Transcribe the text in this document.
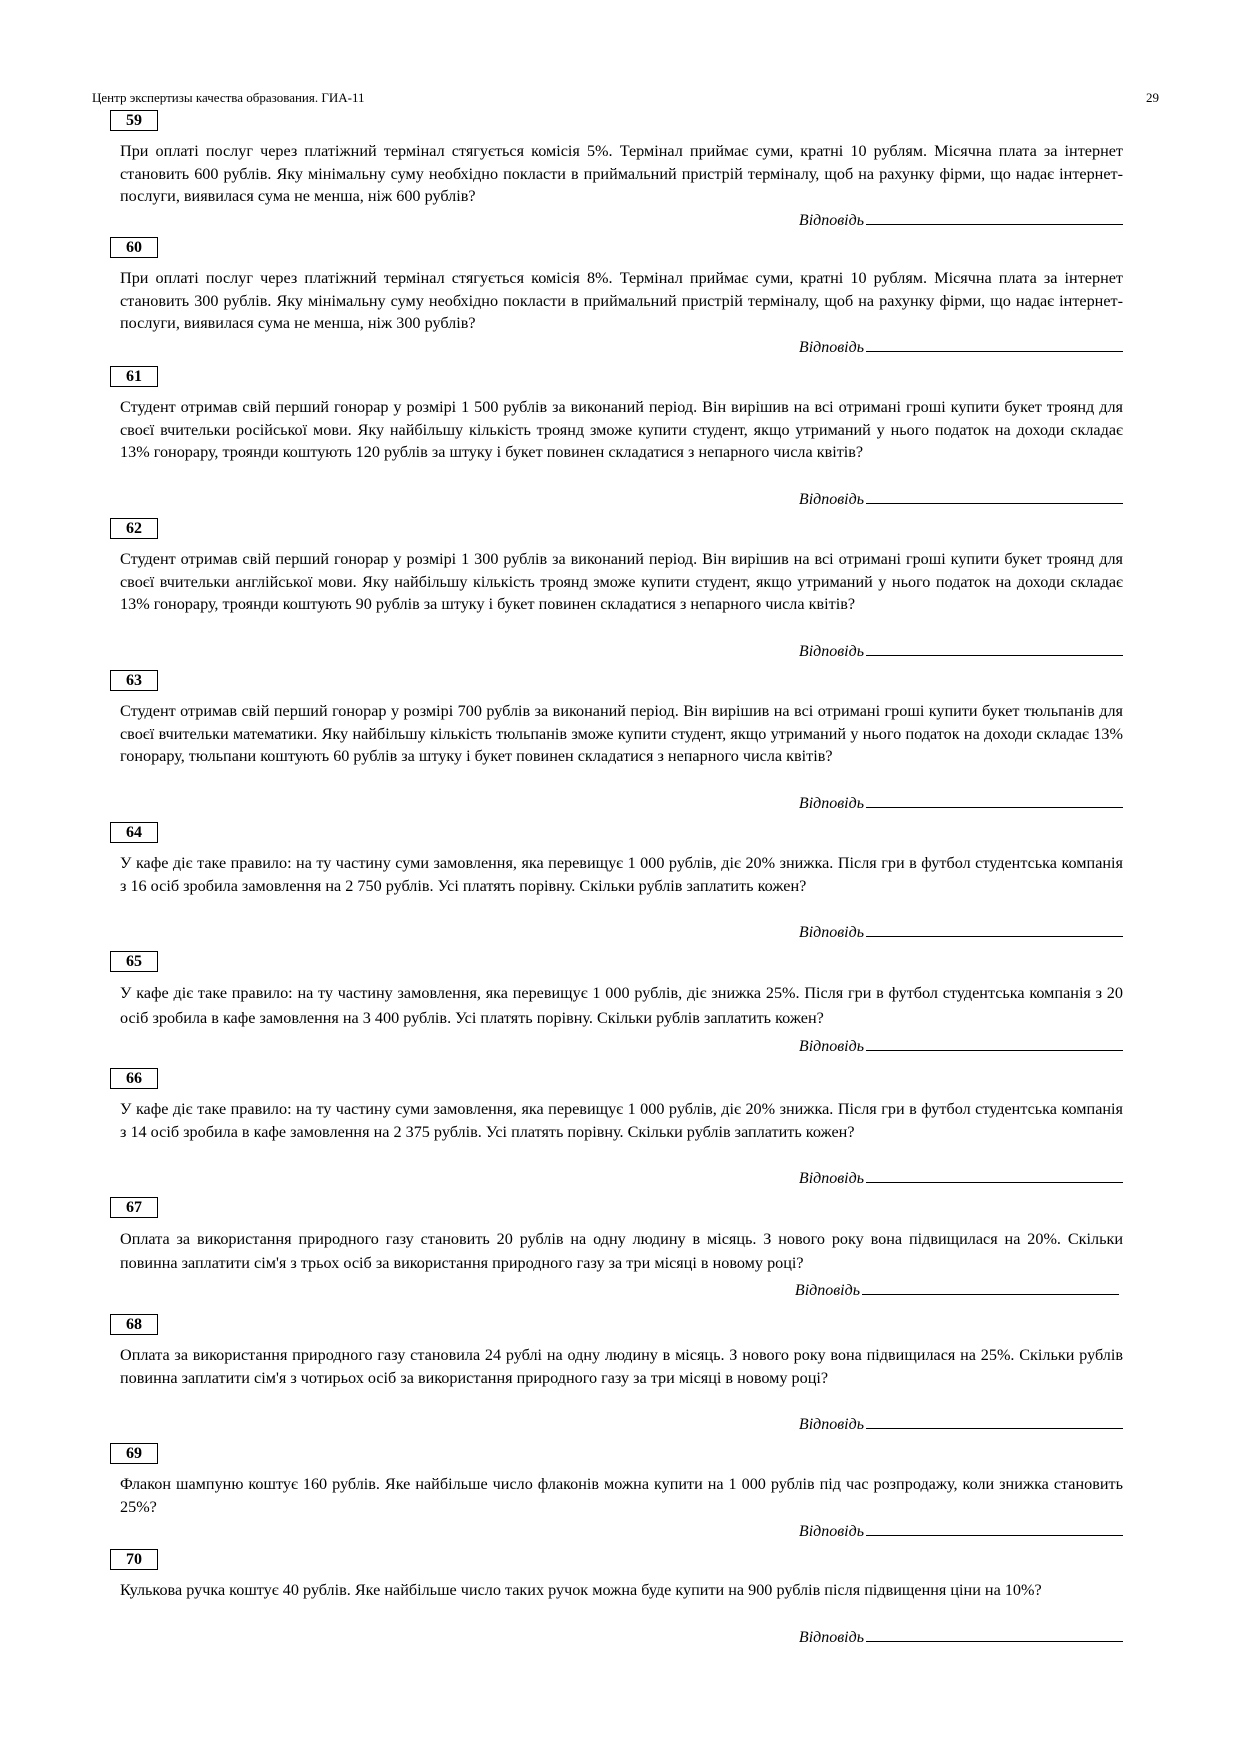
Центр экспертизы качества образования. ГИА-11	29
59
При оплаті послуг через платіжний термінал стягується комісія 5%. Термінал приймає суми, кратні 10 рублям. Місячна плата за інтернет становить 600 рублів. Яку мінімальну суму необхідно покласти в приймальний пристрій терміналу, щоб на рахунку фірми, що надає інтернет-послуги, виявилася сума не менша, ніж 600 рублів?
Відповідь
60
При оплаті послуг через платіжний термінал стягується комісія 8%. Термінал приймає суми, кратні 10 рублям. Місячна плата за інтернет становить 300 рублів. Яку мінімальну суму необхідно покласти в приймальний пристрій терміналу, щоб на рахунку фірми, що надає інтернет-послуги, виявилася сума не менша, ніж 300 рублів?
Відповідь
61
Студент отримав свій перший гонорар у розмірі 1 500 рублів за виконаний період. Він вирішив на всі отримані гроші купити букет троянд для своєї вчительки російської мови. Яку найбільшу кількість троянд зможе купити студент, якщо утриманий у нього податок на доходи складає 13% гонорару, троянди коштують 120 рублів за штуку і букет повинен складатися з непарного числа квітів?
Відповідь
62
Студент отримав свій перший гонорар у розмірі 1 300 рублів за виконаний період. Він вирішив на всі отримані гроші купити букет троянд для своєї вчительки англійської мови. Яку найбільшу кількість троянд зможе купити студент, якщо утриманий у нього податок на доходи складає 13% гонорару, троянди коштують 90 рублів за штуку і букет повинен складатися з непарного числа квітів?
Відповідь
63
Студент отримав свій перший гонорар у розмірі 700 рублів за виконаний період. Він вирішив на всі отримані гроші купити букет тюльпанів для своєї вчительки математики. Яку найбільшу кількість тюльпанів зможе купити студент, якщо утриманий у нього податок на доходи складає 13% гонорару, тюльпани коштують 60 рублів за штуку і букет повинен складатися з непарного числа квітів?
Відповідь
64
У кафе діє таке правило: на ту частину суми замовлення, яка перевищує 1 000 рублів, діє 20% знижка. Після гри в футбол студентська компанія з 16 осіб зробила замовлення на 2 750 рублів. Усі платять порівну. Скільки рублів заплатить кожен?
Відповідь
65
У кафе діє таке правило: на ту частину замовлення, яка перевищує 1 000 рублів, діє знижка 25%. Після гри в футбол студентська компанія з 20 осіб зробила в кафе замовлення на 3 400 рублів. Усі платять порівну. Скільки рублів заплатить кожен?
Відповідь
66
У кафе діє таке правило: на ту частину суми замовлення, яка перевищує 1 000 рублів, діє 20% знижка. Після гри в футбол студентська компанія з 14 осіб зробила в кафе замовлення на 2 375 рублів. Усі платять порівну. Скільки рублів заплатить кожен?
Відповідь
67
Оплата за використання природного газу становить 20 рублів на одну людину в місяць. З нового року вона підвищилася на 20%. Скільки повинна заплатити сім'я з трьох осіб за використання природного газу за три місяці в новому році?
Відповідь
68
Оплата за використання природного газу становила 24 рублі на одну людину в місяць. З нового року вона підвищилася на 25%. Скільки рублів повинна заплатити сім'я з чотирьох осіб за використання природного газу за три місяці в новому році?
Відповідь
69
Флакон шампуню коштує 160 рублів. Яке найбільше число флаконів можна купити на 1 000 рублів під час розпродажу, коли знижка становить 25%?
Відповідь
70
Кулькова ручка коштує 40 рублів. Яке найбільше число таких ручок можна буде купити на 900 рублів після підвищення ціни на 10%?
Відповідь
